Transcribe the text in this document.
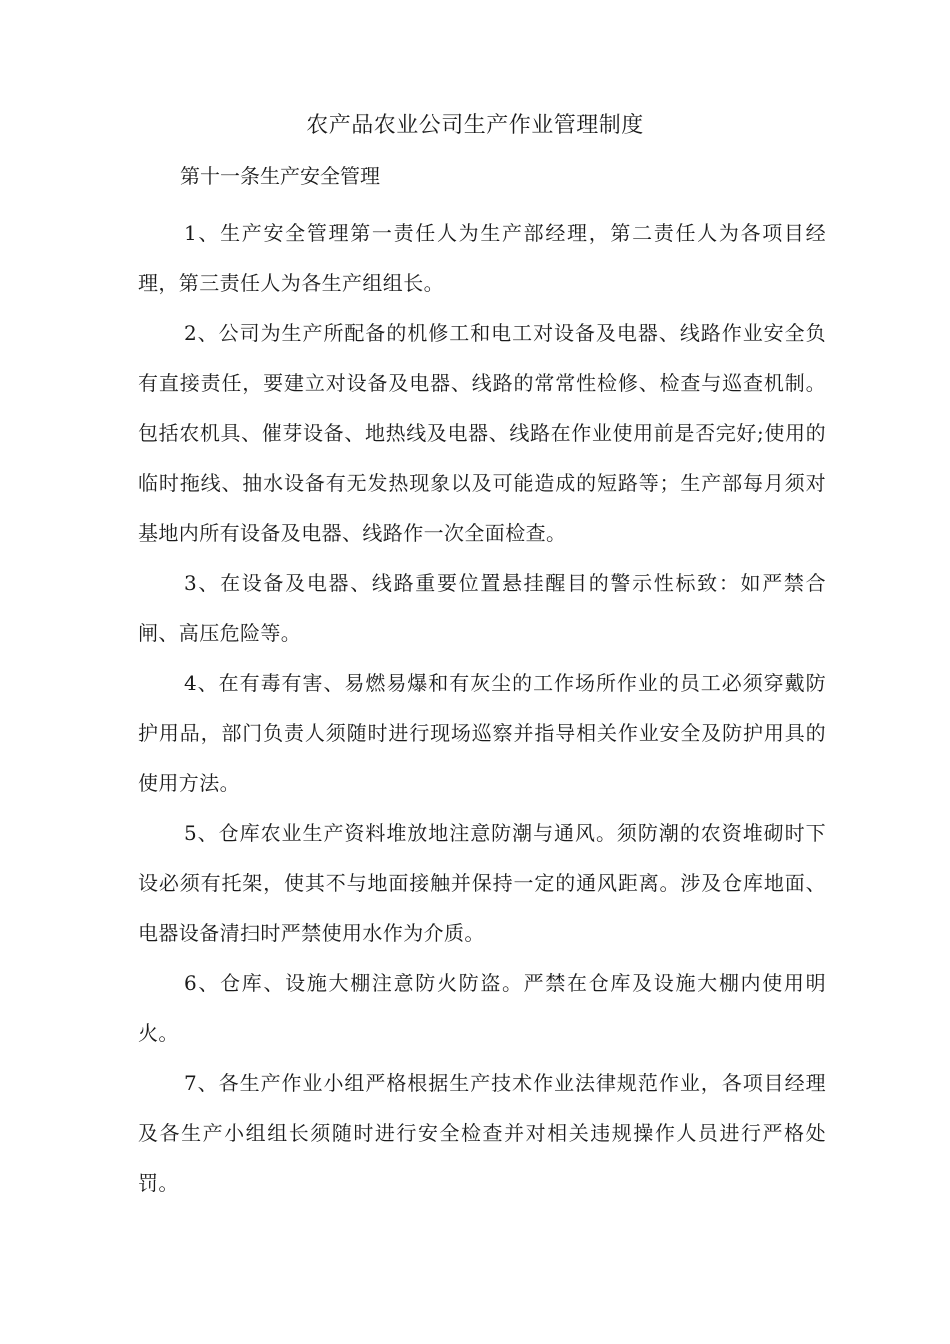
农产品农业公司生产作业管理制度
第十一条生产安全管理

1、生产安全管理第一责任人为生产部经理，第二责任人为各项目经理，第三责任人为各生产组组长。

2、公司为生产所配备的机修工和电工对设备及电器、线路作业安全负有直接责任，要建立对设备及电器、线路的常常性检修、检查与巡查机制。包括农机具、催芽设备、地热线及电器、线路在作业使用前是否完好;使用的临时拖线、抽水设备有无发热现象以及可能造成的短路等；生产部每月须对基地内所有设备及电器、线路作一次全面检查。

3、在设备及电器、线路重要位置悬挂醒目的警示性标致：如严禁合闸、高压危险等。

4、在有毒有害、易燃易爆和有灰尘的工作场所作业的员工必须穿戴防护用品，部门负责人须随时进行现场巡察并指导相关作业安全及防护用具的使用方法。

5、仓库农业生产资料堆放地注意防潮与通风。须防潮的农资堆砌时下设必须有托架，使其不与地面接触并保持一定的通风距离。涉及仓库地面、电器设备清扫时严禁使用水作为介质。

6、仓库、设施大棚注意防火防盗。严禁在仓库及设施大棚内使用明火。

7、各生产作业小组严格根据生产技术作业法律规范作业，各项目经理及各生产小组组长须随时进行安全检查并对相关违规操作人员进行严格处罚。
